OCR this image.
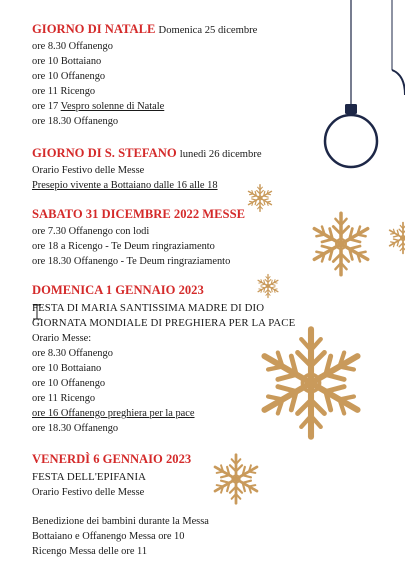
GIORNO DI NATALE Domenica 25 dicembre
ore 8.30 Offanengo
ore 10 Bottaiano
ore 10 Offanengo
ore 11 Ricengo
ore 17 Vespro solenne di Natale
ore 18.30 Offanengo
GIORNO DI S. STEFANO lunedì 26 dicembre
Orario Festivo delle Messe
Presepio vivente a Bottaiano dalle 16 alle 18
SABATO 31 DICEMBRE 2022 MESSE
ore 7.30 Offanengo con lodi
ore 18 a Ricengo - Te Deum ringraziamento
ore 18.30 Offanengo - Te Deum ringraziamento
DOMENICA 1 GENNAIO 2023
FESTA DI MARIA SANTISSIMA MADRE DI DIO
GIORNATA MONDIALE DI PREGHIERA PER LA PACE
Orario Messe:
ore 8.30 Offanengo
ore 10 Bottaiano
ore 10 Offanengo
ore 11 Ricengo
ore 16 Offanengo preghiera per la pace
ore 18.30 Offanengo
VENERDÌ 6 GENNAIO 2023
FESTA DELL'EPIFANIA
Orario Festivo delle Messe
Benedizione dei bambini durante la Messa
Bottaiano e Offanengo Messa ore 10
Ricengo Messa delle ore 11
